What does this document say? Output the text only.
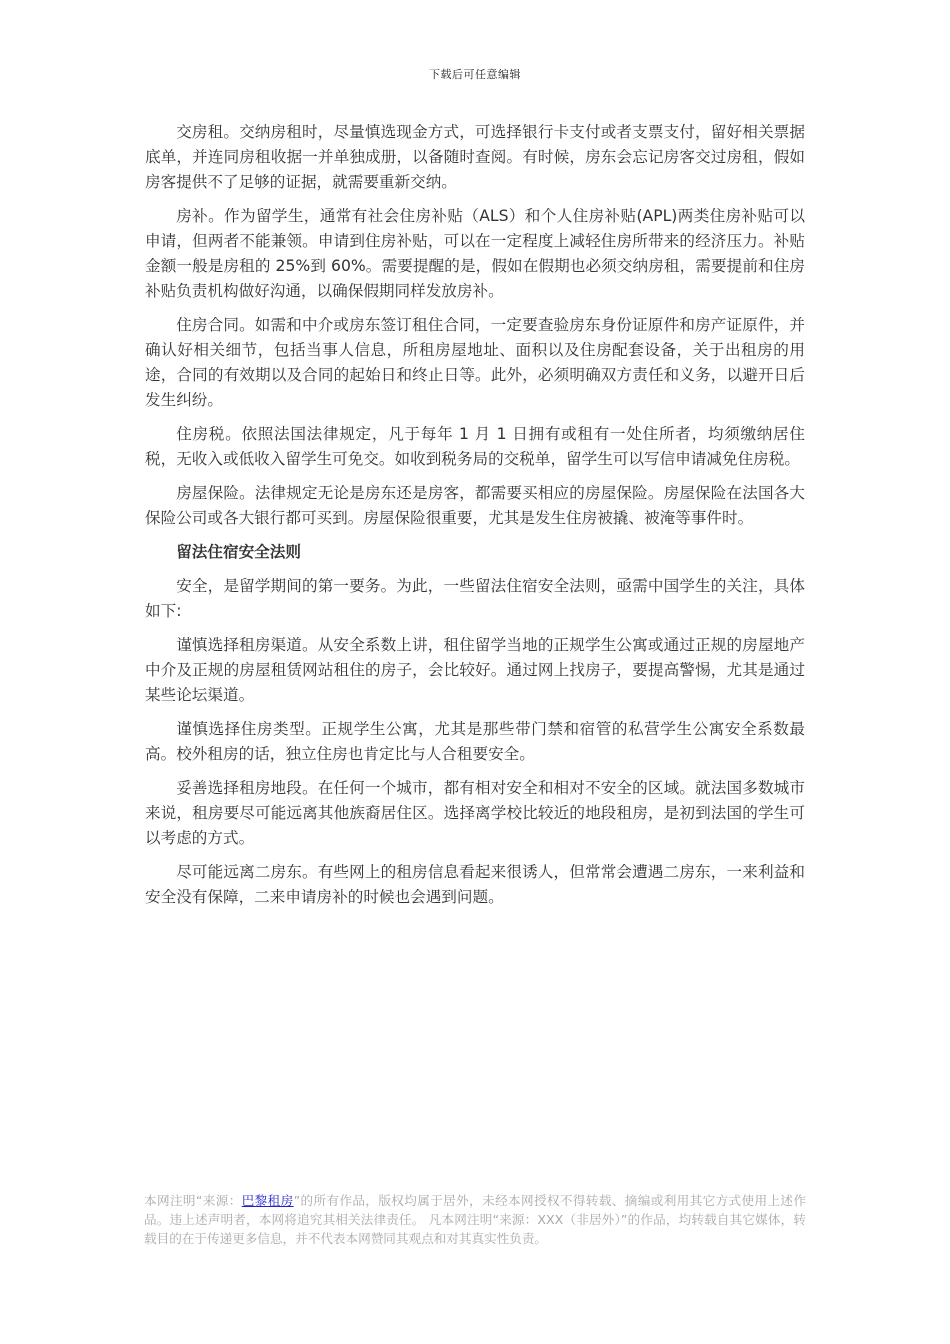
下载后可任意编辑

交房租。交纳房租时，尽量慎选现金方式，可选择银行卡支付或者支票支付，留好相关票据底单，并连同房租收据一并单独成册，以备随时查阅。有时候，房东会忘记房客交过房租，假如房客提供不了足够的证据，就需要重新交纳。

房补。作为留学生，通常有社会住房补贴（ALS）和个人住房补贴(APL)两类住房补贴可以申请，但两者不能兼领。申请到住房补贴，可以在一定程度上减轻住房所带来的经济压力。补贴金额一般是房租的 25%到 60%。需要提醒的是，假如在假期也必须交纳房租，需要提前和住房补贴负责机构做好沟通，以确保假期同样发放房补。

住房合同。如需和中介或房东签订租住合同，一定要查验房东身份证原件和房产证原件，并确认好相关细节，包括当事人信息，所租房屋地址、面积以及住房配套设备，关于出租房的用途，合同的有效期以及合同的起始日和终止日等。此外，必须明确双方责任和义务，以避开日后发生纠纷。

住房税。依照法国法律规定，凡于每年 1 月 1 日拥有或租有一处住所者，均须缴纳居住税，无收入或低收入留学生可免交。如收到税务局的交税单，留学生可以写信申请减免住房税。

房屋保险。法律规定无论是房东还是房客，都需要买相应的房屋保险。房屋保险在法国各大保险公司或各大银行都可买到。房屋保险很重要，尤其是发生住房被撬、被淹等事件时。

留法住宿安全法则

安全，是留学期间的第一要务。为此，一些留法住宿安全法则，亟需中国学生的关注，具体如下:

谨慎选择租房渠道。从安全系数上讲，租住留学当地的正规学生公寓或通过正规的房屋地产中介及正规的房屋租赁网站租住的房子，会比较好。通过网上找房子，要提高警惕，尤其是通过某些论坛渠道。

谨慎选择住房类型。正规学生公寓，尤其是那些带门禁和宿管的私营学生公寓安全系数最高。校外租房的话，独立住房也肯定比与人合租要安全。

妥善选择租房地段。在任何一个城市，都有相对安全和相对不安全的区域。就法国多数城市来说，租房要尽可能远离其他族裔居住区。选择离学校比较近的地段租房，是初到法国的学生可以考虑的方式。

尽可能远离二房东。有些网上的租房信息看起来很诱人，但常常会遭遇二房东，一来利益和安全没有保障，二来申请房补的时候也会遇到问题。

本网注明“来源：巴黎租房”的所有作品，版权均属于居外，未经本网授权不得转载、摘编或利用其它方式使用上述作品。违上述声明者，本网将追究其相关法律责任。 凡本网注明“来源：XXX（非居外）”的作品，均转载自其它媒体，转载目的在于传递更多信息，并不代表本网赞同其观点和对其真实性负责。
